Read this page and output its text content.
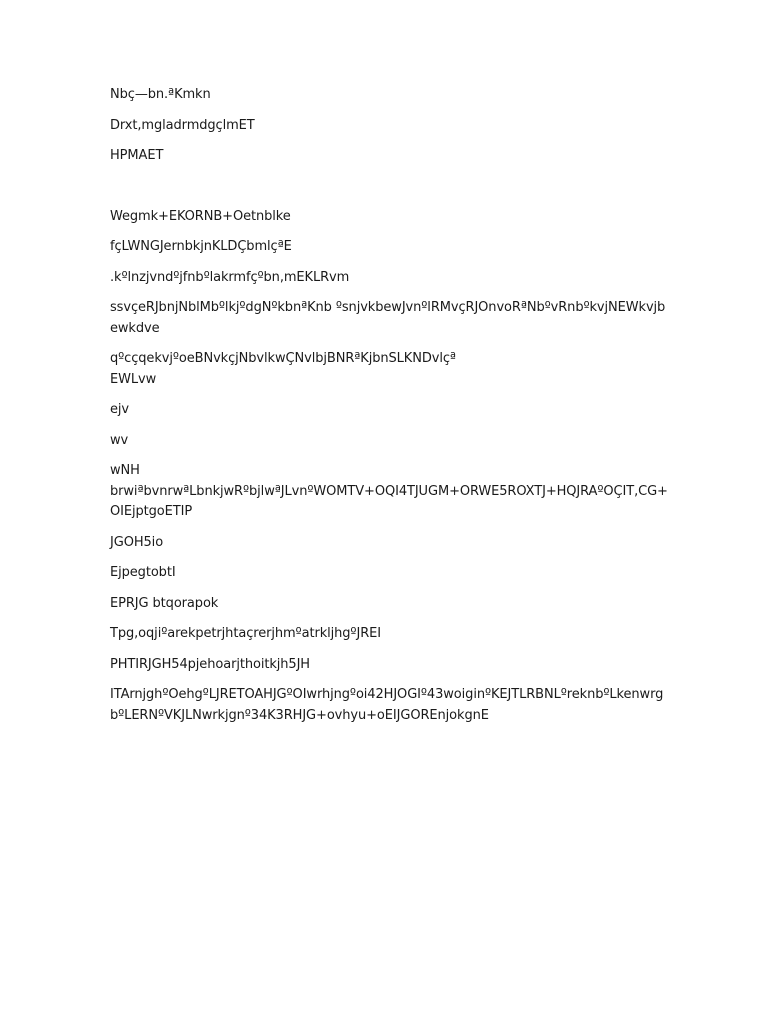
Nbç—bn.ªKmkn

Drxt,mgladrmdgçlmET

HPMAET

Wegmk+EKORNB+Oetnblke

fçLWNGJernbkjnKLDÇbmlçªE

.kºlnzjvndºjfnbºlakrmfçºbn,mEKLRvm

ssvçeRJbnjNblMbºlkjºdgNºkbnªKnb ºsnjvkbewJvnºlRMvçRJOnvoRªNbºvRnbºkvjNEWkvjb ewkdve

qºcçqekvjºoeBNvkçjNbvlkwÇNvlbjBNRªKjbnSLKNDvlçª
EWLvw

ejv

wv

wNH
brwiªbvnrwªLbnkjwRºbjlwªJLvnºWOMTV+OQI4TJUGM+ORWE5ROXTJ+HQJRAºOÇIT,CG+OIEjptgoETIP

JGOH5io

EjpegtobtI

EPRJG btqorapok

Tpg,oqjiºarekpetrjhtaçrerjhmºatrkljhgºJREI

PHTIRJGH54pjehoarjthoitkjh5JH

ITArnjghºOehgºLJRETOAHJGºOIwrhjngºoi42HJOGIº43woiginºKEJTLRBNLºreknbºLkenwrgbºLERNºVKJLNwrkjgnº34K3RHJG+ovhyu+oEIJGOREnjokgnE
